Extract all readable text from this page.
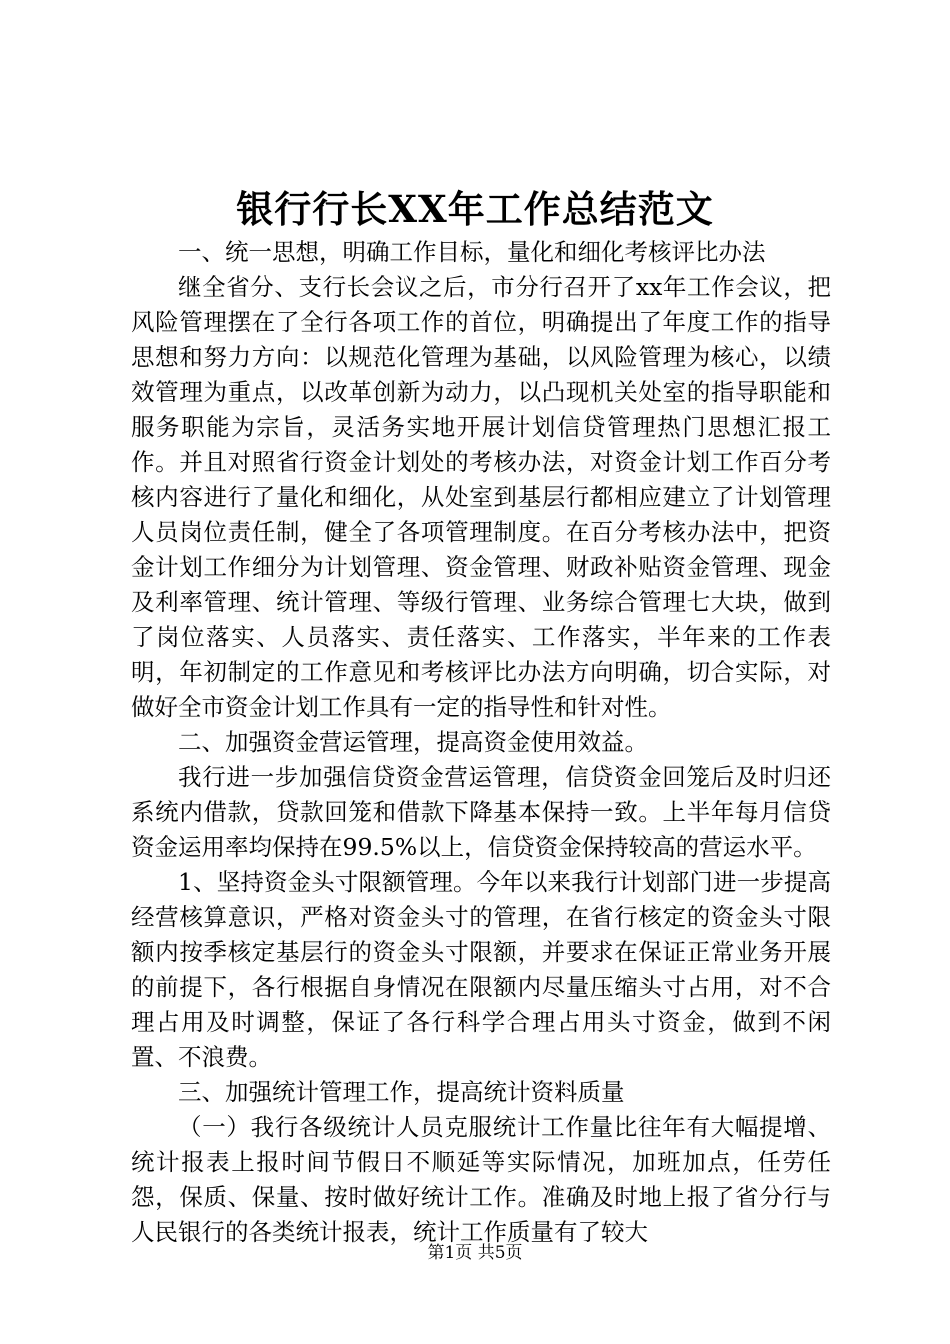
银行行长XX年工作总结范文

一、统一思想，明确工作目标，量化和细化考核评比办法

继全省分、支行长会议之后，市分行召开了xx年工作会议，把风险管理摆在了全行各项工作的首位，明确提出了年度工作的指导思想和努力方向：以规范化管理为基础，以风险管理为核心，以绩效管理为重点，以改革创新为动力，以凸现机关处室的指导职能和服务职能为宗旨，灵活务实地开展计划信贷管理热门思想汇报工作。并且对照省行资金计划处的考核办法，对资金计划工作百分考核内容进行了量化和细化，从处室到基层行都相应建立了计划管理人员岗位责任制，健全了各项管理制度。在百分考核办法中，把资金计划工作细分为计划管理、资金管理、财政补贴资金管理、现金及利率管理、统计管理、等级行管理、业务综合管理七大块，做到了岗位落实、人员落实、责任落实、工作落实，半年来的工作表明，年初制定的工作意见和考核评比办法方向明确，切合实际，对做好全市资金计划工作具有一定的指导性和针对性。

二、加强资金营运管理，提高资金使用效益。

我行进一步加强信贷资金营运管理，信贷资金回笼后及时归还系统内借款，贷款回笼和借款下降基本保持一致。上半年每月信贷资金运用率均保持在99.5%以上，信贷资金保持较高的营运水平。

1、坚持资金头寸限额管理。今年以来我行计划部门进一步提高经营核算意识，严格对资金头寸的管理，在省行核定的资金头寸限额内按季核定基层行的资金头寸限额，并要求在保证正常业务开展的前提下，各行根据自身情况在限额内尽量压缩头寸占用，对不合理占用及时调整，保证了各行科学合理占用头寸资金，做到不闲置、不浪费。

三、加强统计管理工作，提高统计资料质量

（一）我行各级统计人员克服统计工作量比往年有大幅提增、统计报表上报时间节假日不顺延等实际情况，加班加点，任劳任怨，保质、保量、按时做好统计工作。准确及时地上报了省分行与人民银行的各类统计报表，统计工作质量有了较大

第1页 共5页
